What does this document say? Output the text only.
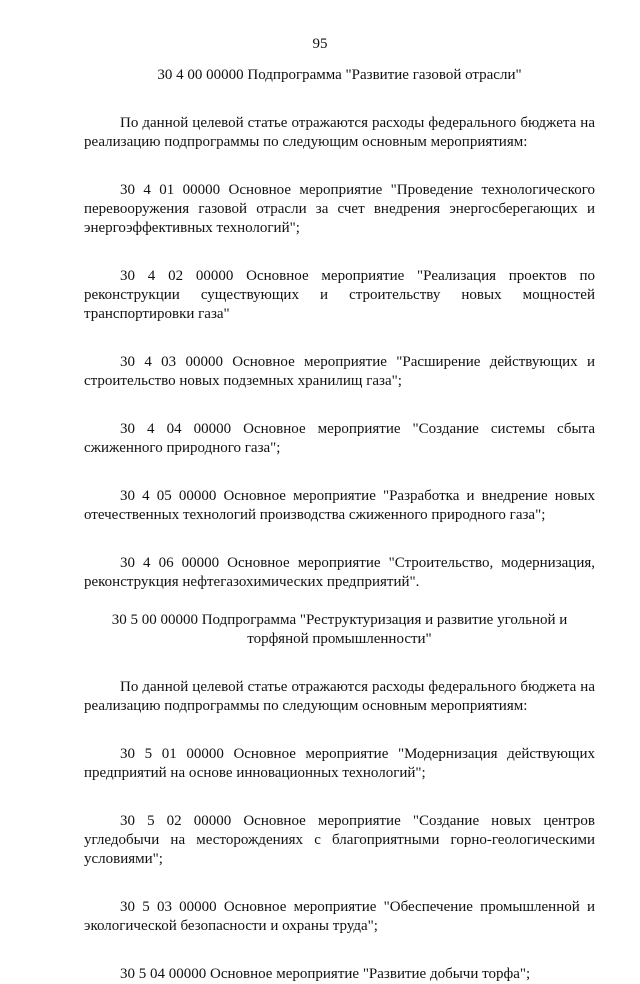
95

30 4 00 00000 Подпрограмма "Развитие газовой отрасли"

По данной целевой статье отражаются расходы федерального бюджета на реализацию подпрограммы по следующим основным мероприятиям:

30 4 01 00000 Основное мероприятие "Проведение технологического перевооружения газовой отрасли за счет внедрения энергосберегающих и энергоэффективных технологий";

30 4 02 00000 Основное мероприятие "Реализация проектов по реконструкции существующих и строительству новых мощностей транспортировки газа"

30 4 03 00000 Основное мероприятие "Расширение действующих и строительство новых подземных хранилищ газа";

30 4 04 00000 Основное мероприятие "Создание системы сбыта сжиженного природного газа";

30 4 05 00000 Основное мероприятие "Разработка и внедрение новых отечественных технологий производства сжиженного природного газа";

30 4 06 00000 Основное мероприятие "Строительство, модернизация, реконструкция нефтегазохимических предприятий".

30 5 00 00000 Подпрограмма "Реструктуризация и развитие угольной и
торфяной промышленности"

По данной целевой статье отражаются расходы федерального бюджета на реализацию подпрограммы по следующим основным мероприятиям:

30 5 01 00000 Основное мероприятие "Модернизация действующих предприятий на основе инновационных технологий";

30 5 02 00000 Основное мероприятие "Создание новых центров угледобычи на месторождениях с благоприятными горно-геологическими условиями";

30 5 03 00000 Основное мероприятие "Обеспечение промышленной и экологической безопасности и охраны труда";

30 5 04 00000 Основное мероприятие "Развитие добычи торфа";
